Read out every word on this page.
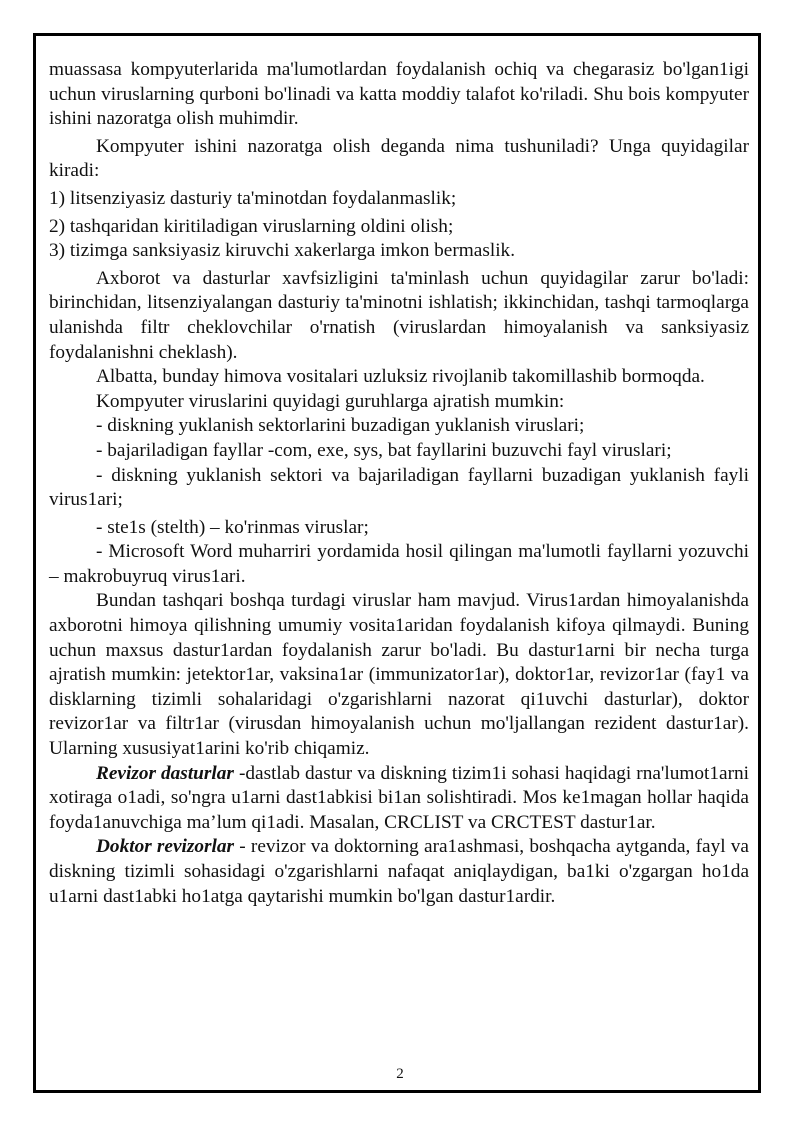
muassasa kompyuterlarida ma'lumotlardan foydalanish ochiq va chegarasiz bo'lgan1igi uchun viruslarning qurboni bo'linadi va katta moddiy talafot ko'riladi. Shu bois kompyuter ishini nazoratga olish muhimdir.

Kompyuter ishini nazoratga olish deganda nima tushuniladi? Unga quyidagilar kiradi:

1) litsenziyasiz dasturiy ta'minotdan foydalanmaslik;

2) tashqaridan kiritiladigan viruslarning oldini olish;

3) tizimga sanksiyasiz kiruvchi xakerlarga imkon bermaslik.

Axborot va dasturlar xavfsizligini ta'minlash uchun quyidagilar zarur bo'ladi: birinchidan, litsenziyalangan dasturiy ta'minotni ishlatish; ikkinchidan, tashqi tarmoqlarga ulanishda filtr cheklovchilar o'rnatish (viruslardan himoyalanish va sanksiyasiz foydalanishni cheklash).

Albatta, bunday himova vositalari uzluksiz rivojlanib takomillashib bormoqda.

Kompyuter viruslarini quyidagi guruhlarga ajratish mumkin:

- diskning yuklanish sektorlarini buzadigan yuklanish viruslari;

- bajariladigan fayllar -com, exe, sys, bat fayllarini buzuvchi fayl viruslari;

- diskning yuklanish sektori va bajariladigan fayllarni buzadigan yuklanish fayli virus1ari;

- ste1s (stelth) – ko'rinmas viruslar;

- Microsoft Word muharriri yordamida hosil qilingan ma'lumotli fayllarni yozuvchi – makrobuyruq virus1ari.

Bundan tashqari boshqa turdagi viruslar ham mavjud. Virus1ardan himoyalanishda axborotni himoya qilishning umumiy vosita1aridan foydalanish kifoya qilmaydi. Buning uchun maxsus dastur1ardan foydalanish zarur bo'ladi. Bu dastur1arni bir necha turga ajratish mumkin: jetektor1ar, vaksina1ar (immunizator1ar), doktor1ar, revizor1ar (fay1 va disklarning tizimli sohalaridagi o'zgarishlarni nazorat qi1uvchi dasturlar), doktor revizor1ar va filtr1ar (virusdan himoyalanish uchun mo'ljallangan rezident dastur1ar). Ularning xususiyat1arini ko'rib chiqamiz.

Revizor dasturlar -dastlab dastur va diskning tizim1i sohasi haqidagi rna'lumot1arni xotiraga o1adi, so'ngra u1arni dast1abkisi bi1an solishtiradi. Mos ke1magan hollar haqida foyda1anuvchiga ma’lum qi1adi. Masalan, CRCLIST va CRCTEST dastur1ar.

Doktor revizorlar - revizor va doktorning ara1ashmasi, boshqacha aytganda, fayl va diskning tizimli sohasidagi o'zgarishlarni nafaqat aniqlaydigan, ba1ki o'zgargan ho1da u1arni dast1abki ho1atga qaytarishi mumkin bo'lgan dastur1ardir.

2
